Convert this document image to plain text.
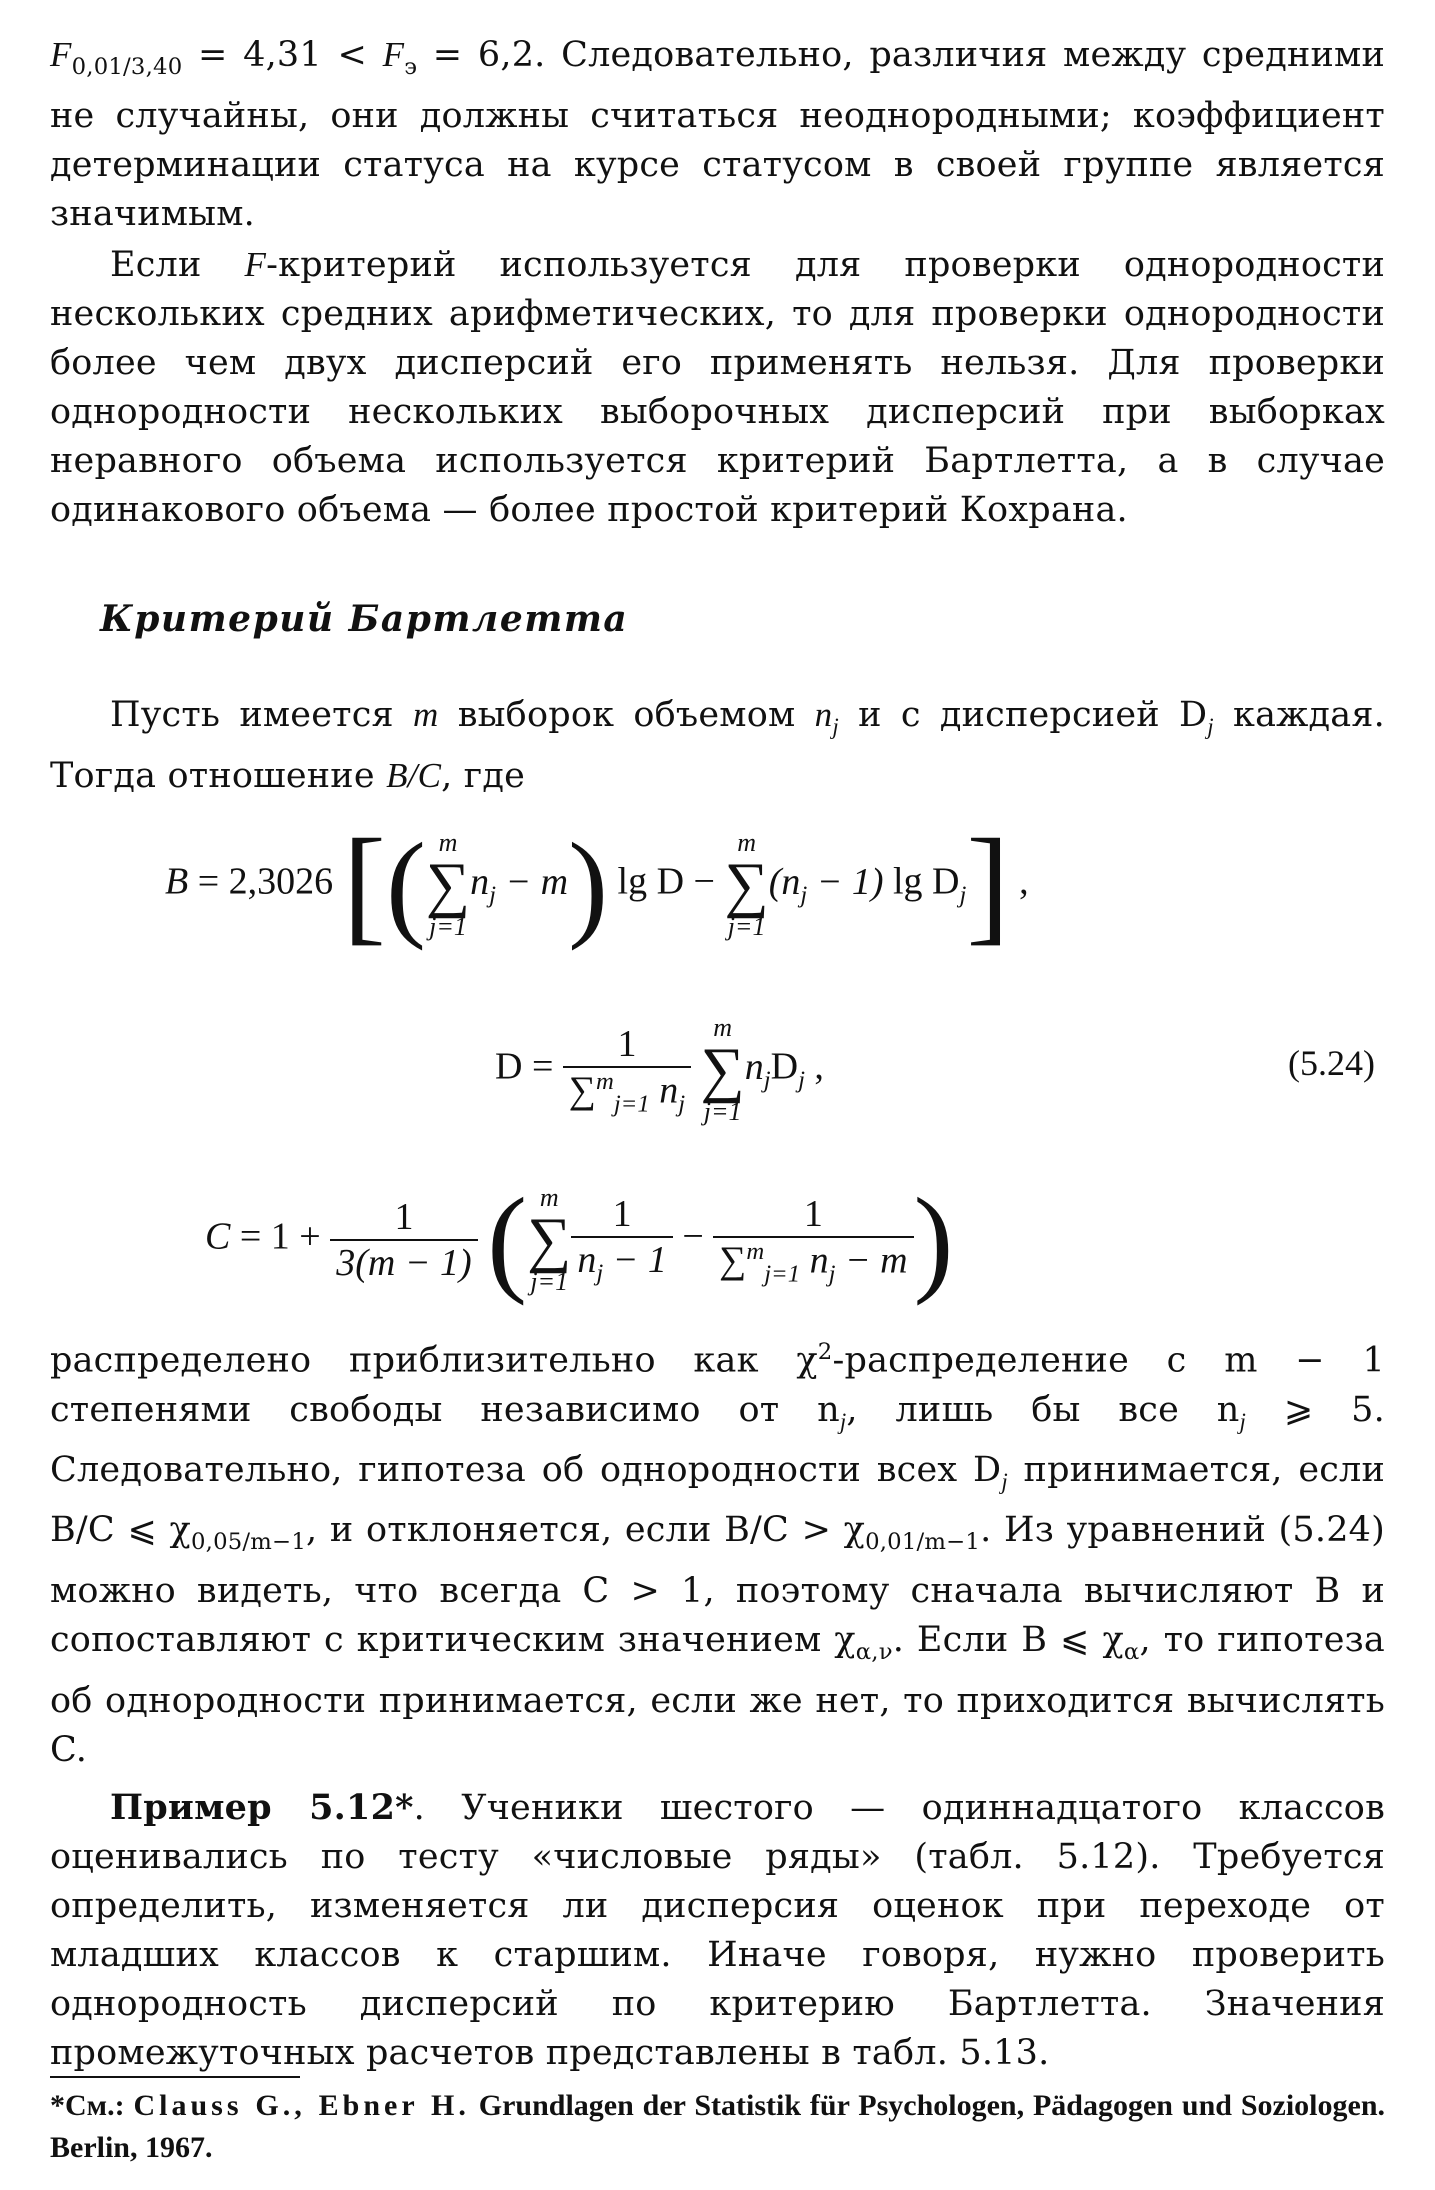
$F_{0,01/3,40} = 4,31 < F_э = 6,2$. Следовательно, различия между средними не случайны, они должны считаться неоднородными; коэффициент детерминации статуса на курсе статусом в своей группе является значимым.

Если F-критерий используется для проверки однородности нескольких средних арифметических, то для проверки однородности более чем двух дисперсий его применять нельзя. Для проверки однородности нескольких выборочных дисперсий при выборках неравного объема используется критерий Бартлетта, а в случае одинакового объема — более простой критерий Кохрана.

Критерий Бартлетта

Пусть имеется m выборок объемом $n_j$ и с дисперсией $D_j$ каждая. Тогда отношение B/C, где

B = 2,3026 [( m
∑
j=1
$n_j - m$) lg D −
m
∑
j=1
$(n_j - 1)$ $\lg D_j$] ,
$D = \frac{1}{\sum^m_{j=1} n_j}$
m
∑
j=1
$n_jD_j$ ,	(5.24)
$C = 1 + \frac{1}{3(m - 1)}$ ( m
∑
$j=1 \frac{1}{n_j - 1} - \frac{1}{\sum^m_{j=1} n_j - m}$ )

распределено приблизительно как $\chi^2$-распределение с m − 1 степенями свободы независимо от $n_j$, лишь бы все $n_j$ ⩾ 5. Следовательно, гипотеза об однородности всех $D_j$ принимается, если B/C ⩽ $\chi_{0,05/m-1}$, и отклоняется, если $B/C > \chi_{0,01/m-1}$. Из уравнений (5.24) можно видеть, что всегда C > 1, поэтому сначала вычисляют B и сопоставляют с критическим значением $\chi_{\alpha,\nu}$. Если B ⩽ $\chi_\alpha$, то гипотеза об однородности принимается, если же нет, то приходится вычислять C.

Пример 5.12*. Ученики шестого — одиннадцатого классов оценивались по тесту «числовые ряды» (табл. 5.12). Требуется определить, изменяется ли дисперсия оценок при переходе от младших классов к старшим. Иначе говоря, нужно проверить однородность дисперсий по критерию Бартлетта. Значения промежуточных расчетов представлены в табл. 5.13.

*См.: Clauss G., Ebner H. Grundlagen der Statistik für Psychologen, Pädagogen und Soziologen. Berlin, 1967.
